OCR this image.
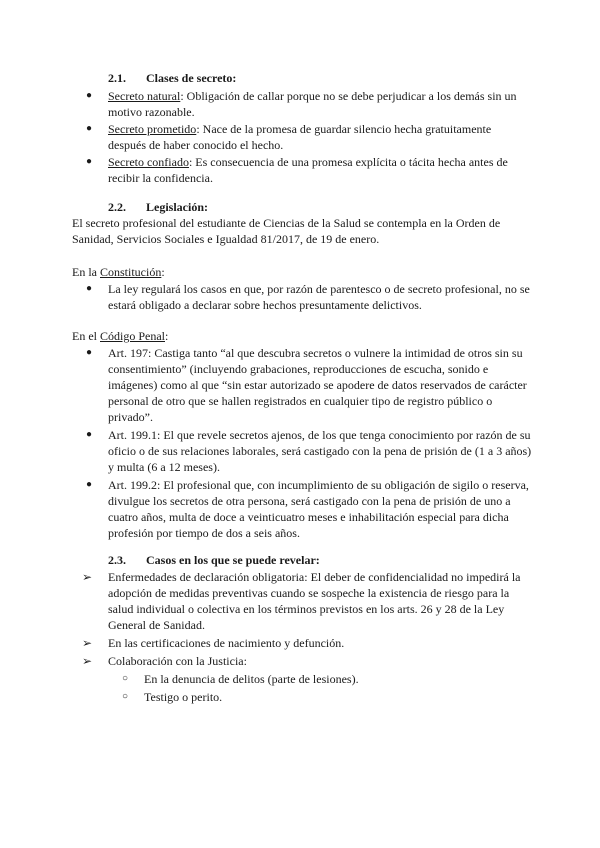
2.1. Clases de secreto:
● Secreto natural: Obligación de callar porque no se debe perjudicar a los demás sin un motivo razonable.
● Secreto prometido: Nace de la promesa de guardar silencio hecha gratuitamente después de haber conocido el hecho.
● Secreto confiado: Es consecuencia de una promesa explícita o tácita hecha antes de recibir la confidencia.
2.2. Legislación:
El secreto profesional del estudiante de Ciencias de la Salud se contempla en la Orden de Sanidad, Servicios Sociales e Igualdad 81/2017, de 19 de enero.
En la Constitución:
● La ley regulará los casos en que, por razón de parentesco o de secreto profesional, no se estará obligado a declarar sobre hechos presuntamente delictivos.
En el Código Penal:
● Art. 197: Castiga tanto “al que descubra secretos o vulnere la intimidad de otros sin su consentimiento” (incluyendo grabaciones, reproducciones de escucha, sonido e imágenes) como al que “sin estar autorizado se apodere de datos reservados de carácter personal de otro que se hallen registrados en cualquier tipo de registro público o privado”.
● Art. 199.1: El que revele secretos ajenos, de los que tenga conocimiento por razón de su oficio o de sus relaciones laborales, será castigado con la pena de prisión de (1 a 3 años) y multa (6 a 12 meses).
● Art. 199.2: El profesional que, con incumplimiento de su obligación de sigilo o reserva, divulgue los secretos de otra persona, será castigado con la pena de prisión de uno a cuatro años, multa de doce a veinticuatro meses e inhabilitación especial para dicha profesión por tiempo de dos a seis años.
2.3. Casos en los que se puede revelar:
➢ Enfermedades de declaración obligatoria: El deber de confidencialidad no impedirá la adopción de medidas preventivas cuando se sospeche la existencia de riesgo para la salud individual o colectiva en los términos previstos en los arts. 26 y 28 de la Ley General de Sanidad.
➢ En las certificaciones de nacimiento y defunción.
➢ Colaboración con la Justicia:
○ En la denuncia de delitos (parte de lesiones).
○ Testigo o perito.
